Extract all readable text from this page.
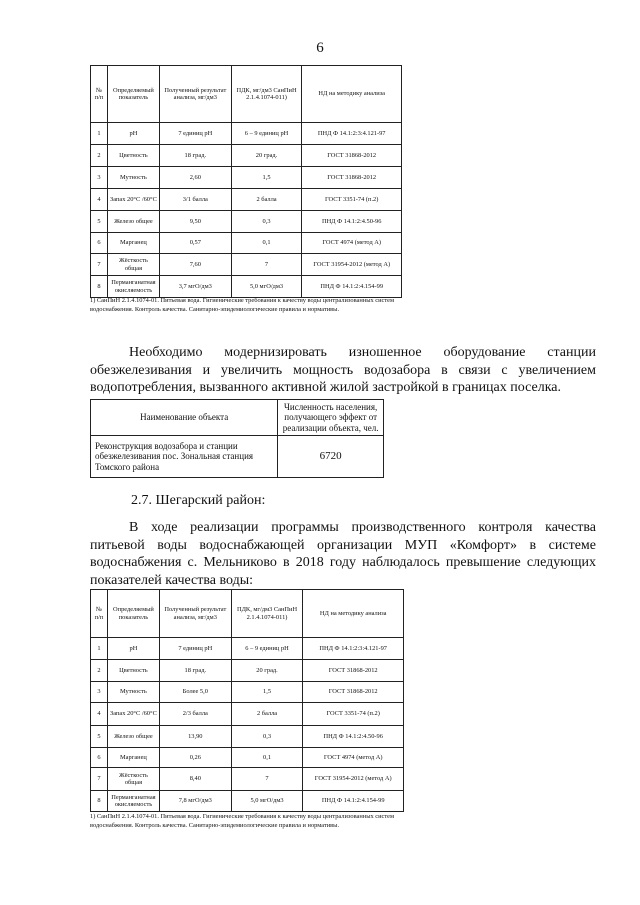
6
№ п/п	Определяемый показатель	Полученный результат анализа, мг/дм3	ПДК, мг/дм3 СанПиН 2.1.4.1074-011)	НД на методику анализа
1	pH	7 единиц pH	6 – 9 единиц pH	ПНД Ф 14.1:2:3:4.121-97
2	Цветность	18 град.	20 град.	ГОСТ 31868-2012
3	Мутность	2,60	1,5	ГОСТ 31868-2012
4	Запах 20°С /60°С	3/1 балла	2 балла	ГОСТ 3351-74 (п.2)
5	Железо общее	9,50	0,3	ПНД Ф 14.1:2:4.50-96
6	Марганец	0,57	0,1	ГОСТ 4974 (метод А)
7	Жёсткость общая	7,60	7	ГОСТ 31954-2012 (метод А)
8	Перманганатная окисляемость	3,7 мгО/дм3	5,0 мгО/дм3	ПНД Ф 14.1:2:4.154-99
1) СанПиН 2.1.4.1074-01. Питьевая вода. Гигиенические требования к качеству воды централизованных систем водоснабжения. Контроль качества. Санитарно-эпидемиологические правила и нормативы.
Необходимо модернизировать изношенное оборудование станции обезжелезивания и увеличить мощность водозабора в связи с увеличением водопотребления, вызванного активной жилой застройкой в границах поселка.
Наименование объекта	Численность населения, получающего эффект от реализации объекта, чел.
Реконструкция водозабора и станции обезжелезивания пос. Зональная станция Томского района	6720
2.7. Шегарский район:
В ходе реализации программы производственного контроля качества питьевой воды водоснабжающей организации МУП «Комфорт» в системе водоснабжения с. Мельниково в 2018 году наблюдалось превышение следующих показателей качества воды:
№ п/п	Определяемый показатель	Полученный результат анализа, мг/дм3	ПДК, мг/дм3 СанПиН 2.1.4.1074-011)	НД на методику анализа
1	pH	7 единиц pH	6 – 9 единиц pH	ПНД Ф 14.1:2:3:4.121-97
2	Цветность	18 град.	20 град.	ГОСТ 31868-2012
3	Мутность	Более 5,0	1,5	ГОСТ 31868-2012
4	Запах 20°С /60°С	2/3 балла	2 балла	ГОСТ 3351-74 (п.2)
5	Железо общее	13,90	0,3	ПНД Ф 14.1:2:4.50-96
6	Марганец	0,26	0,1	ГОСТ 4974 (метод А)
7	Жёсткость общая	8,40	7	ГОСТ 31954-2012 (метод А)
8	Перманганатная окисляемость	7,8 мгО/дм3	5,0 мгО/дм3	ПНД Ф 14.1:2:4.154-99
1) СанПиН 2.1.4.1074-01. Питьевая вода. Гигиенические требования к качеству воды централизованных систем водоснабжения. Контроль качества. Санитарно-эпидемиологические правила и нормативы.
